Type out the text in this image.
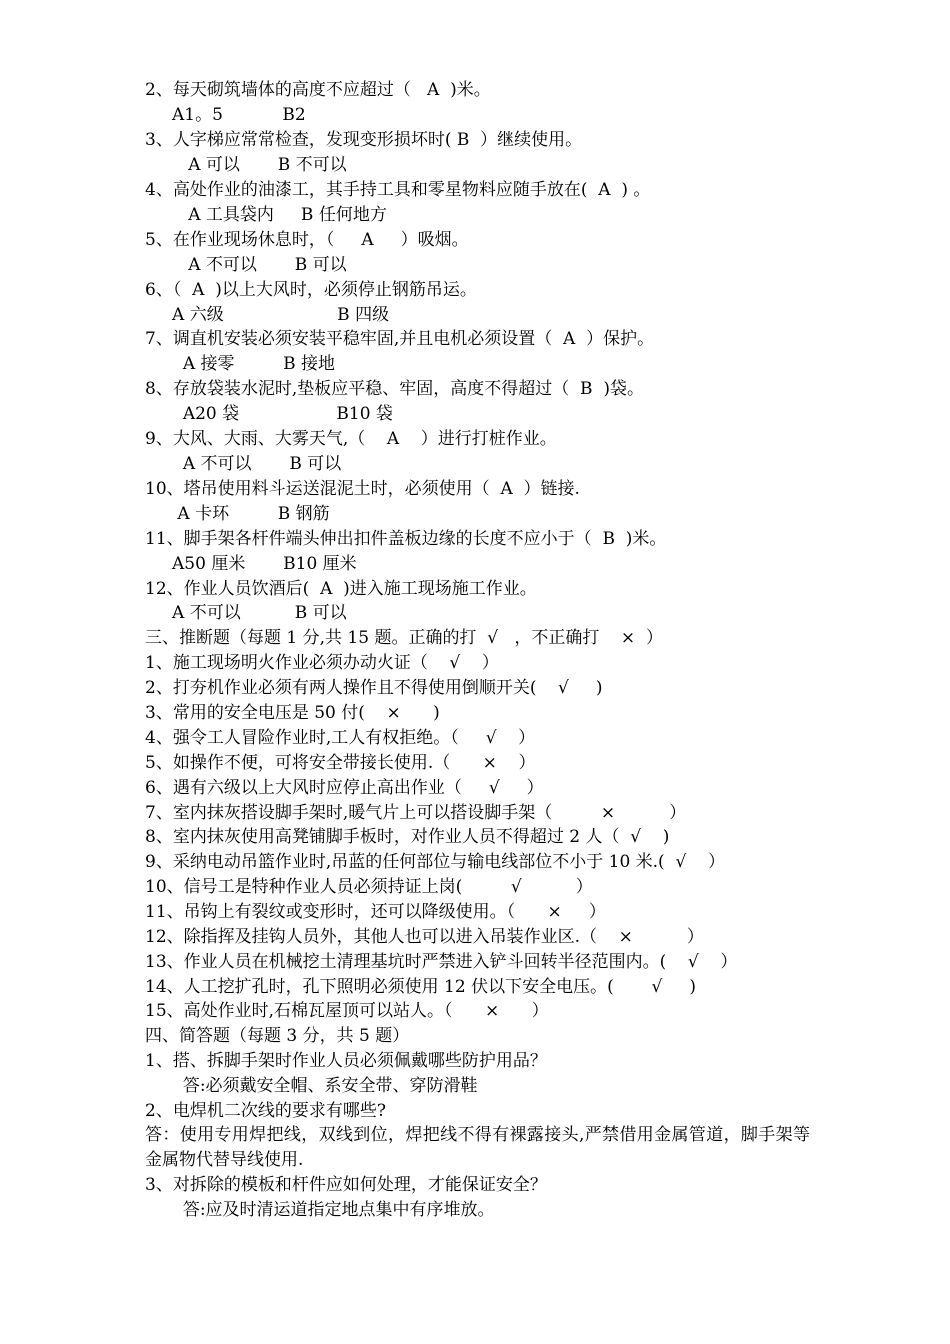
2、每天砌筑墙体的高度不应超过（   A  )米。
A1。5           B2
3、人字梯应常常检查，发现变形损坏时( B  ）继续使用。
A 可以       B 不可以
4、高处作业的油漆工，其手持工具和零星物料应随手放在(  A  ) 。
A 工具袋内     B 任何地方
5、在作业现场休息时，（     A     ）吸烟。
A 不可以       B 可以
6、（  A  )以上大风时，必须停止钢筋吊运。
A 六级                     B 四级
7、调直机安装必须安装平稳牢固,并且电机必须设置（  A  ）保护。
A 接零         B 接地
8、存放袋装水泥时,垫板应平稳、牢固，高度不得超过（  B  )袋。
A20 袋                  B10 袋
9、大风、大雨、大雾天气,（    A    ）进行打桩作业。
A 不可以       B 可以
10、塔吊使用料斗运送混泥土时，必须使用（  A  ）链接.
A 卡环         B 钢筋
11、脚手架各杆件端头伸出扣件盖板边缘的长度不应小于（  B  )米。
A50 厘米       B10 厘米
12、作业人员饮酒后(  A  )进入施工现场施工作业。
A 不可以          B 可以
三、推断题（每题 1 分,共 15 题。正确的打  √   ，不正确打    ×  ）
1、施工现场明火作业必须办动火证（    √    ）
2、打夯机作业必须有两人操作且不得使用倒顺开关(    √     )
3、常用的安全电压是 50 付(    ×      )
4、强令工人冒险作业时,工人有权拒绝。（     √    ）
5、如操作不便，可将安全带接长使用.（      ×    ）
6、遇有六级以上大风时应停止高出作业（     √     ）
7、室内抹灰搭设脚手架时,暖气片上可以搭设脚手架（         ×          ）
8、室内抹灰使用高凳铺脚手板时，对作业人员不得超过 2 人（  √    )
9、采纳电动吊篮作业时,吊蓝的任何部位与输电线部位不小于 10 米.(  √    ）
10、信号工是特种作业人员必须持证上岗(         √          ）
11、吊钩上有裂纹或变形时，还可以降级使用。（      ×     ）
12、除指挥及挂钩人员外，其他人也可以进入吊装作业区.（    ×          ）
13、作业人员在机械挖土清理基坑时严禁进入铲斗回转半径范围内。(    √    ）
14、人工挖扩孔时，孔下照明必须使用 12 伏以下安全电压。(       √     )
15、高处作业时,石棉瓦屋顶可以站人。（      ×      ）
四、简答题（每题 3 分，共 5 题）
1、搭、拆脚手架时作业人员必须佩戴哪些防护用品？
答:必须戴安全帽、系安全带、穿防滑鞋
2、电焊机二次线的要求有哪些?
答：使用专用焊把线，双线到位，焊把线不得有裸露接头,严禁借用金属管道，脚手架等金属物代替导线使用.
3、对拆除的模板和杆件应如何处理，才能保证安全？
答:应及时清运道指定地点集中有序堆放。
